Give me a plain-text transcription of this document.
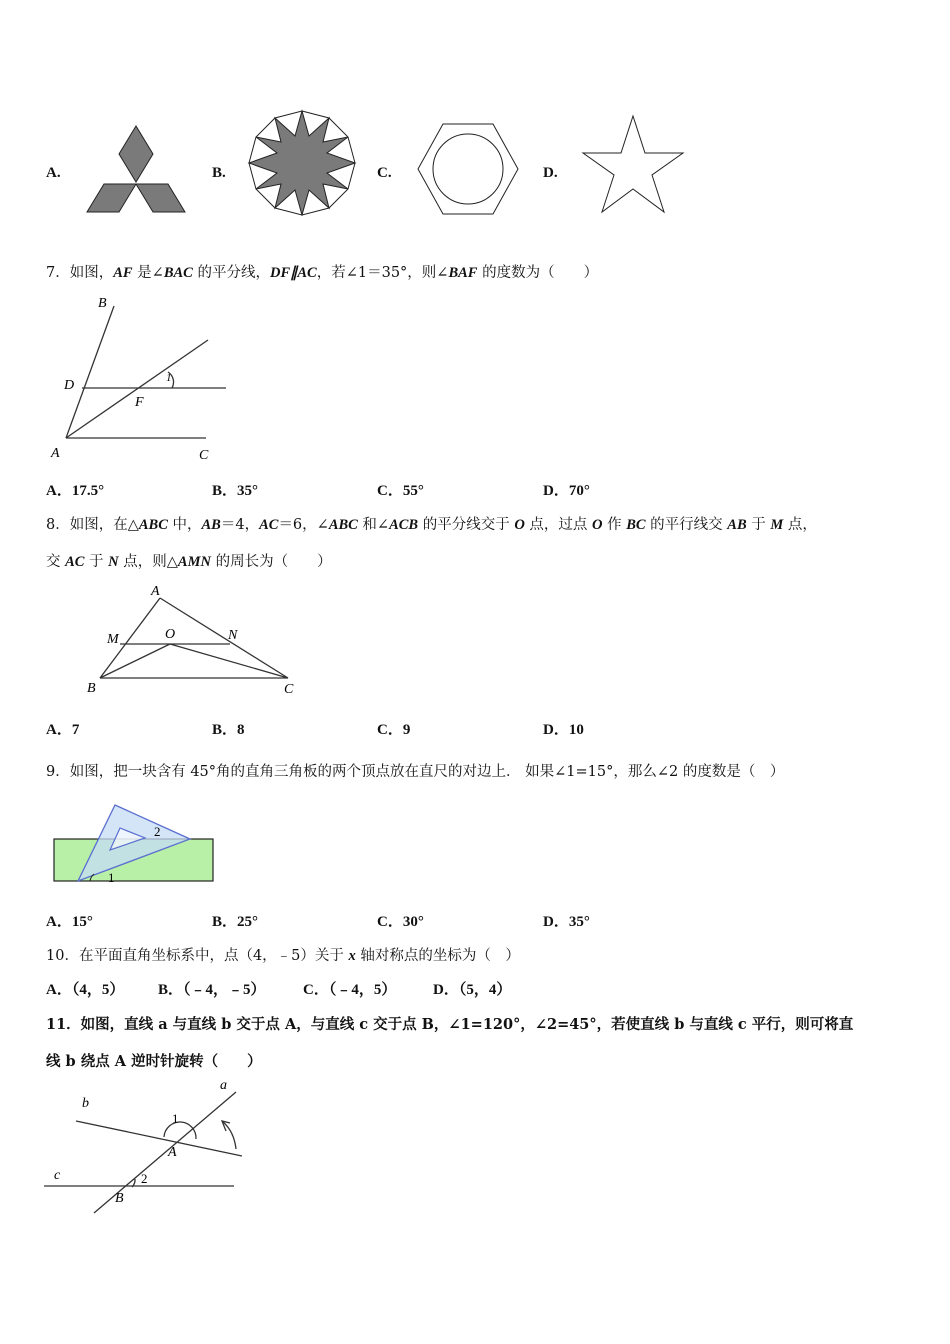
A.	B.	C.	D.
7．如图，AF 是∠BAC 的平分线，DF∥AC，若∠1＝35°，则∠BAF 的度数为（　　）
B
D
F
1
A	C
A．17.5°	B．35°	C．55°	D．70°
8．如图，在△ABC 中，AB＝4，AC＝6，∠ABC 和∠ACB 的平分线交于 O 点，过点 O 作 BC 的平行线交 AB 于 M 点，
交 AC 于 N 点，则△AMN 的周长为（　　）
A
M	O	N
B	C
A．7	B．8	C．9	D．10
9．如图，把一块含有 45°角的直角三角板的两个顶点放在直尺的对边上． 如果∠1=15°，那么∠2 的度数是（　）
2
1
A．15°	B．25°	C．30°	D．35°
10．在平面直角坐标系中，点（4，﹣5）关于 x 轴对称点的坐标为（　）
A．（4，5） B．（﹣4，﹣5） C．（﹣4，5） D．（5，4）
11．如图，直线 a 与直线 b 交于点 A，与直线 c 交于点 B，∠1=120°，∠2=45°，若使直线 b 与直线 c 平行，则可将直
线 b 绕点 A 逆时针旋转（　　）
a
b
1
A
c	2
B
